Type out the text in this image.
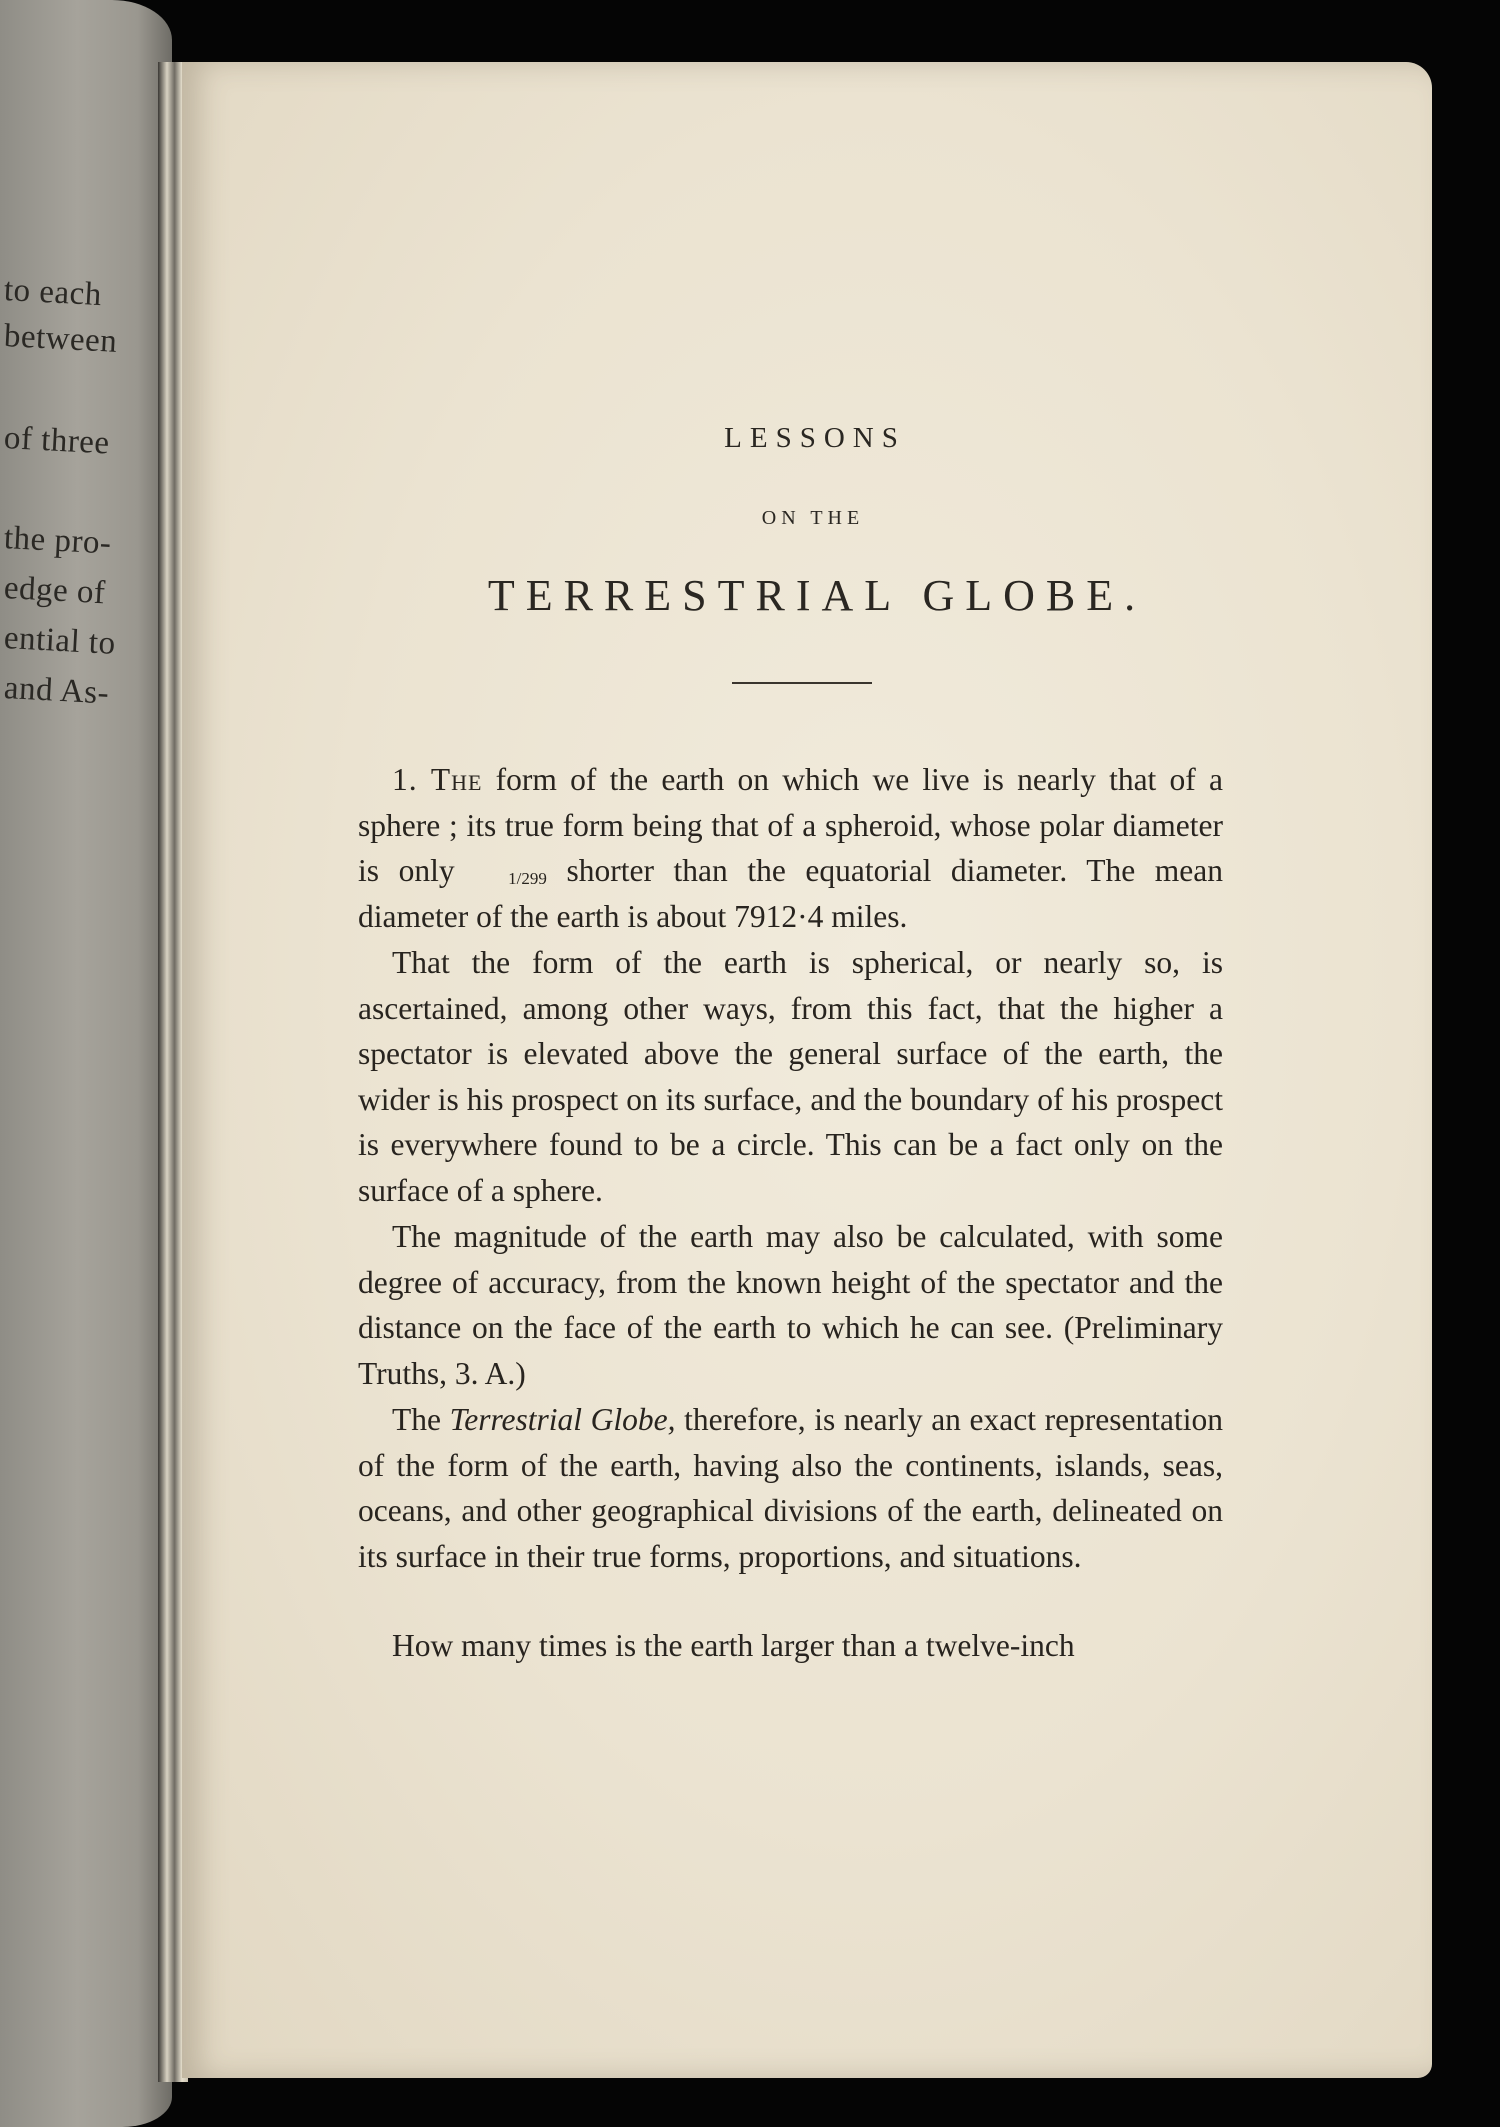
to each
between
of three
the pro-
edge of
ential to
and As-
LESSONS
ON THE
TERRESTRIAL GLOBE.

1. The form of the earth on which we live is nearly that of a sphere ; its true form being that of a spheroid, whose polar diameter is only	1/299 shorter than the equatorial diameter. The mean diameter of the earth is about 7912·4 miles.

That the form of the earth is spherical, or nearly so, is ascertained, among other ways, from this fact, that the higher a spectator is elevated above the general surface of the earth, the wider is his prospect on its surface, and the boundary of his prospect is everywhere found to be a circle. This can be a fact only on the surface of a sphere.

The magnitude of the earth may also be calculated, with some degree of accuracy, from the known height of the spectator and the distance on the face of the earth to which he can see. (Preliminary Truths, 3. A.)

The Terrestrial Globe, therefore, is nearly an exact representation of the form of the earth, having also the continents, islands, seas, oceans, and other geographical divisions of the earth, delineated on its surface in their true forms, proportions, and situations.

How many times is the earth larger than a twelve-inch
